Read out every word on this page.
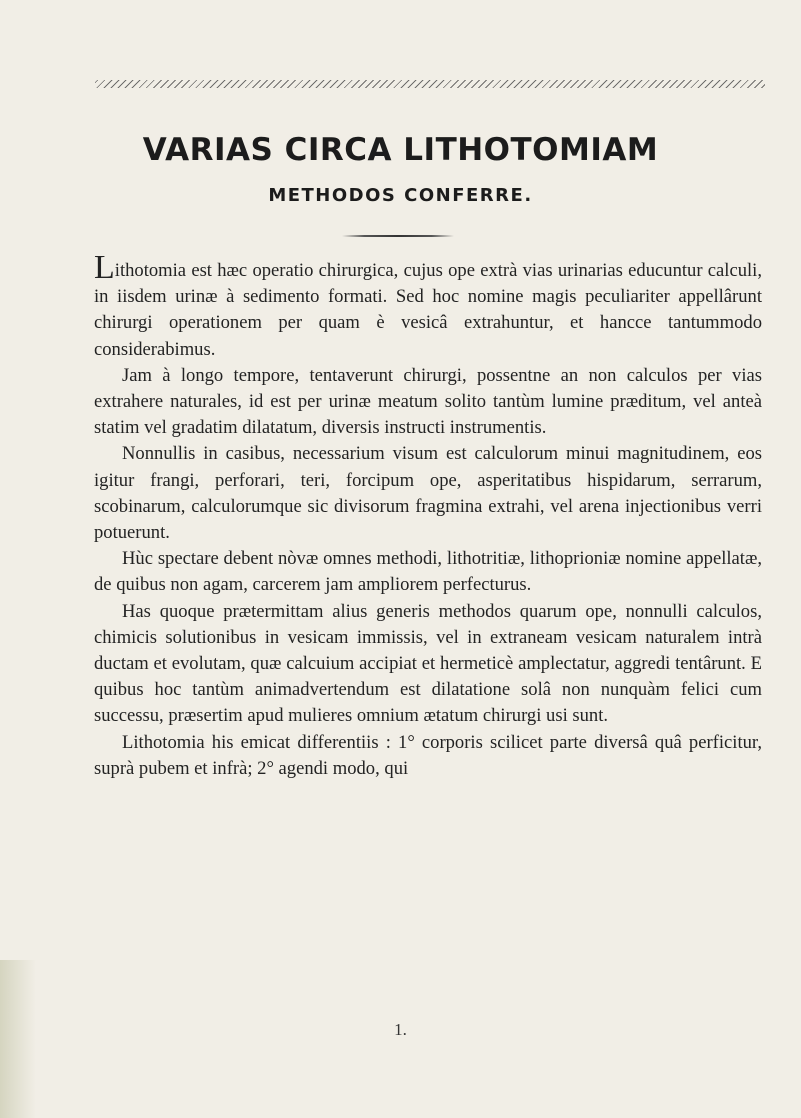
VARIAS CIRCA LITHOTOMIAM
METHODOS CONFERRE.

Lithotomia est hæc operatio chirurgica, cujus ope extrà vias urinarias educuntur calculi, in iisdem urinæ à sedimento formati. Sed hoc nomine magis peculiariter appellârunt chirurgi operationem per quam è vesicâ extrahuntur, et hancce tantummodo considerabimus.

Jam à longo tempore, tentaverunt chirurgi, possentne an non calculos per vias extrahere naturales, id est per urinæ meatum solito tantùm lumine præditum, vel anteà statim vel gradatim dilatatum, diversis instructi instrumentis.

Nonnullis in casibus, necessarium visum est calculorum minui magnitudinem, eos igitur frangi, perforari, teri, forcipum ope, asperitatibus hispidarum, serrarum, scobinarum, calculorumque sic divisorum fragmina extrahi, vel arena injectionibus verri potuerunt.

Hùc spectare debent nòvæ omnes methodi, lithotritiæ, lithoprioniæ nomine appellatæ, de quibus non agam, carcerem jam ampliorem perfecturus.

Has quoque prætermittam alius generis methodos quarum ope, nonnulli calculos, chimicis solutionibus in vesicam immissis, vel in extraneam vesicam naturalem intrà ductam et evolutam, quæ calcuium accipiat et hermeticè amplectatur, aggredi tentârunt. E quibus hoc tantùm animadvertendum est dilatatione solâ non nunquàm felici cum successu, præsertim apud mulieres omnium ætatum chirurgi usi sunt.

Lithotomia his emicat differentiis : 1° corporis scilicet parte diversâ quâ perficitur, suprà pubem et infrà; 2° agendi modo, qui

1.
